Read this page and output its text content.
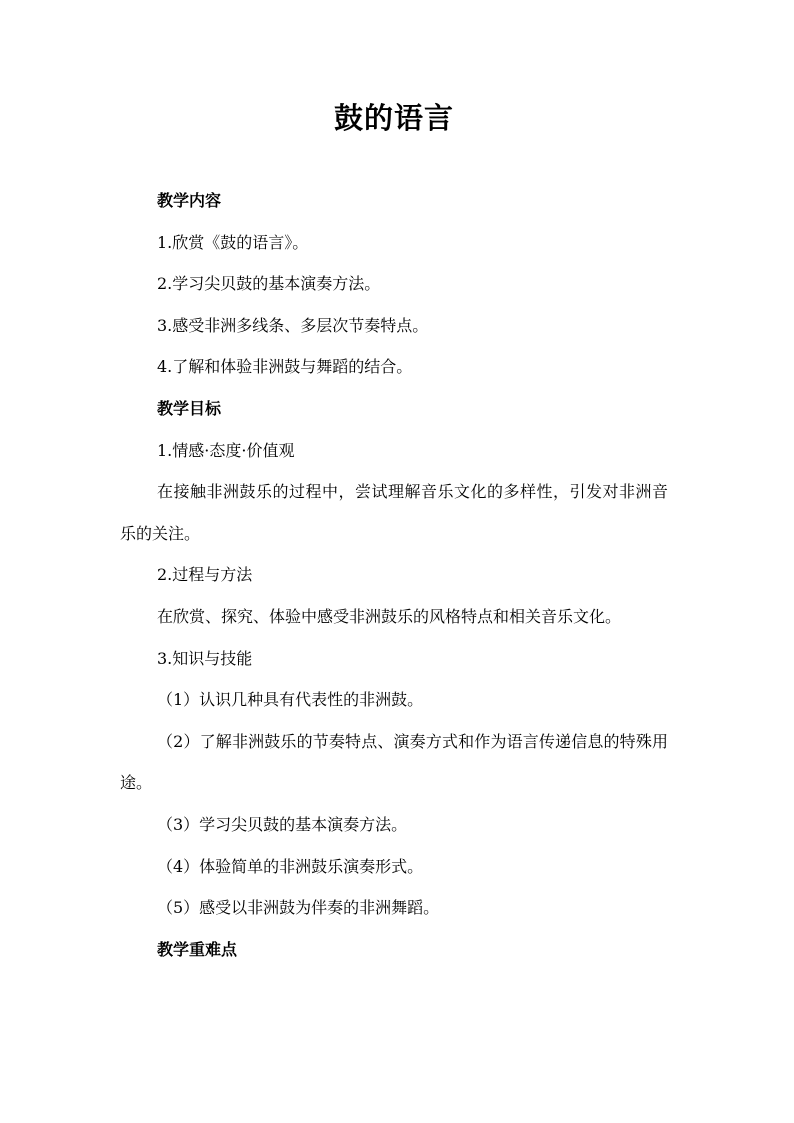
鼓的语言

教学内容

1.欣赏《鼓的语言》。

2.学习尖贝鼓的基本演奏方法。

3.感受非洲多线条、多层次节奏特点。

4.了解和体验非洲鼓与舞蹈的结合。

教学目标

1.情感·态度·价值观

在接触非洲鼓乐的过程中，尝试理解音乐文化的多样性，引发对非洲音乐的关注。

2.过程与方法

在欣赏、探究、体验中感受非洲鼓乐的风格特点和相关音乐文化。

3.知识与技能

（1）认识几种具有代表性的非洲鼓。

（2）了解非洲鼓乐的节奏特点、演奏方式和作为语言传递信息的特殊用途。

（3）学习尖贝鼓的基本演奏方法。

（4）体验简单的非洲鼓乐演奏形式。

（5）感受以非洲鼓为伴奏的非洲舞蹈。

教学重难点
